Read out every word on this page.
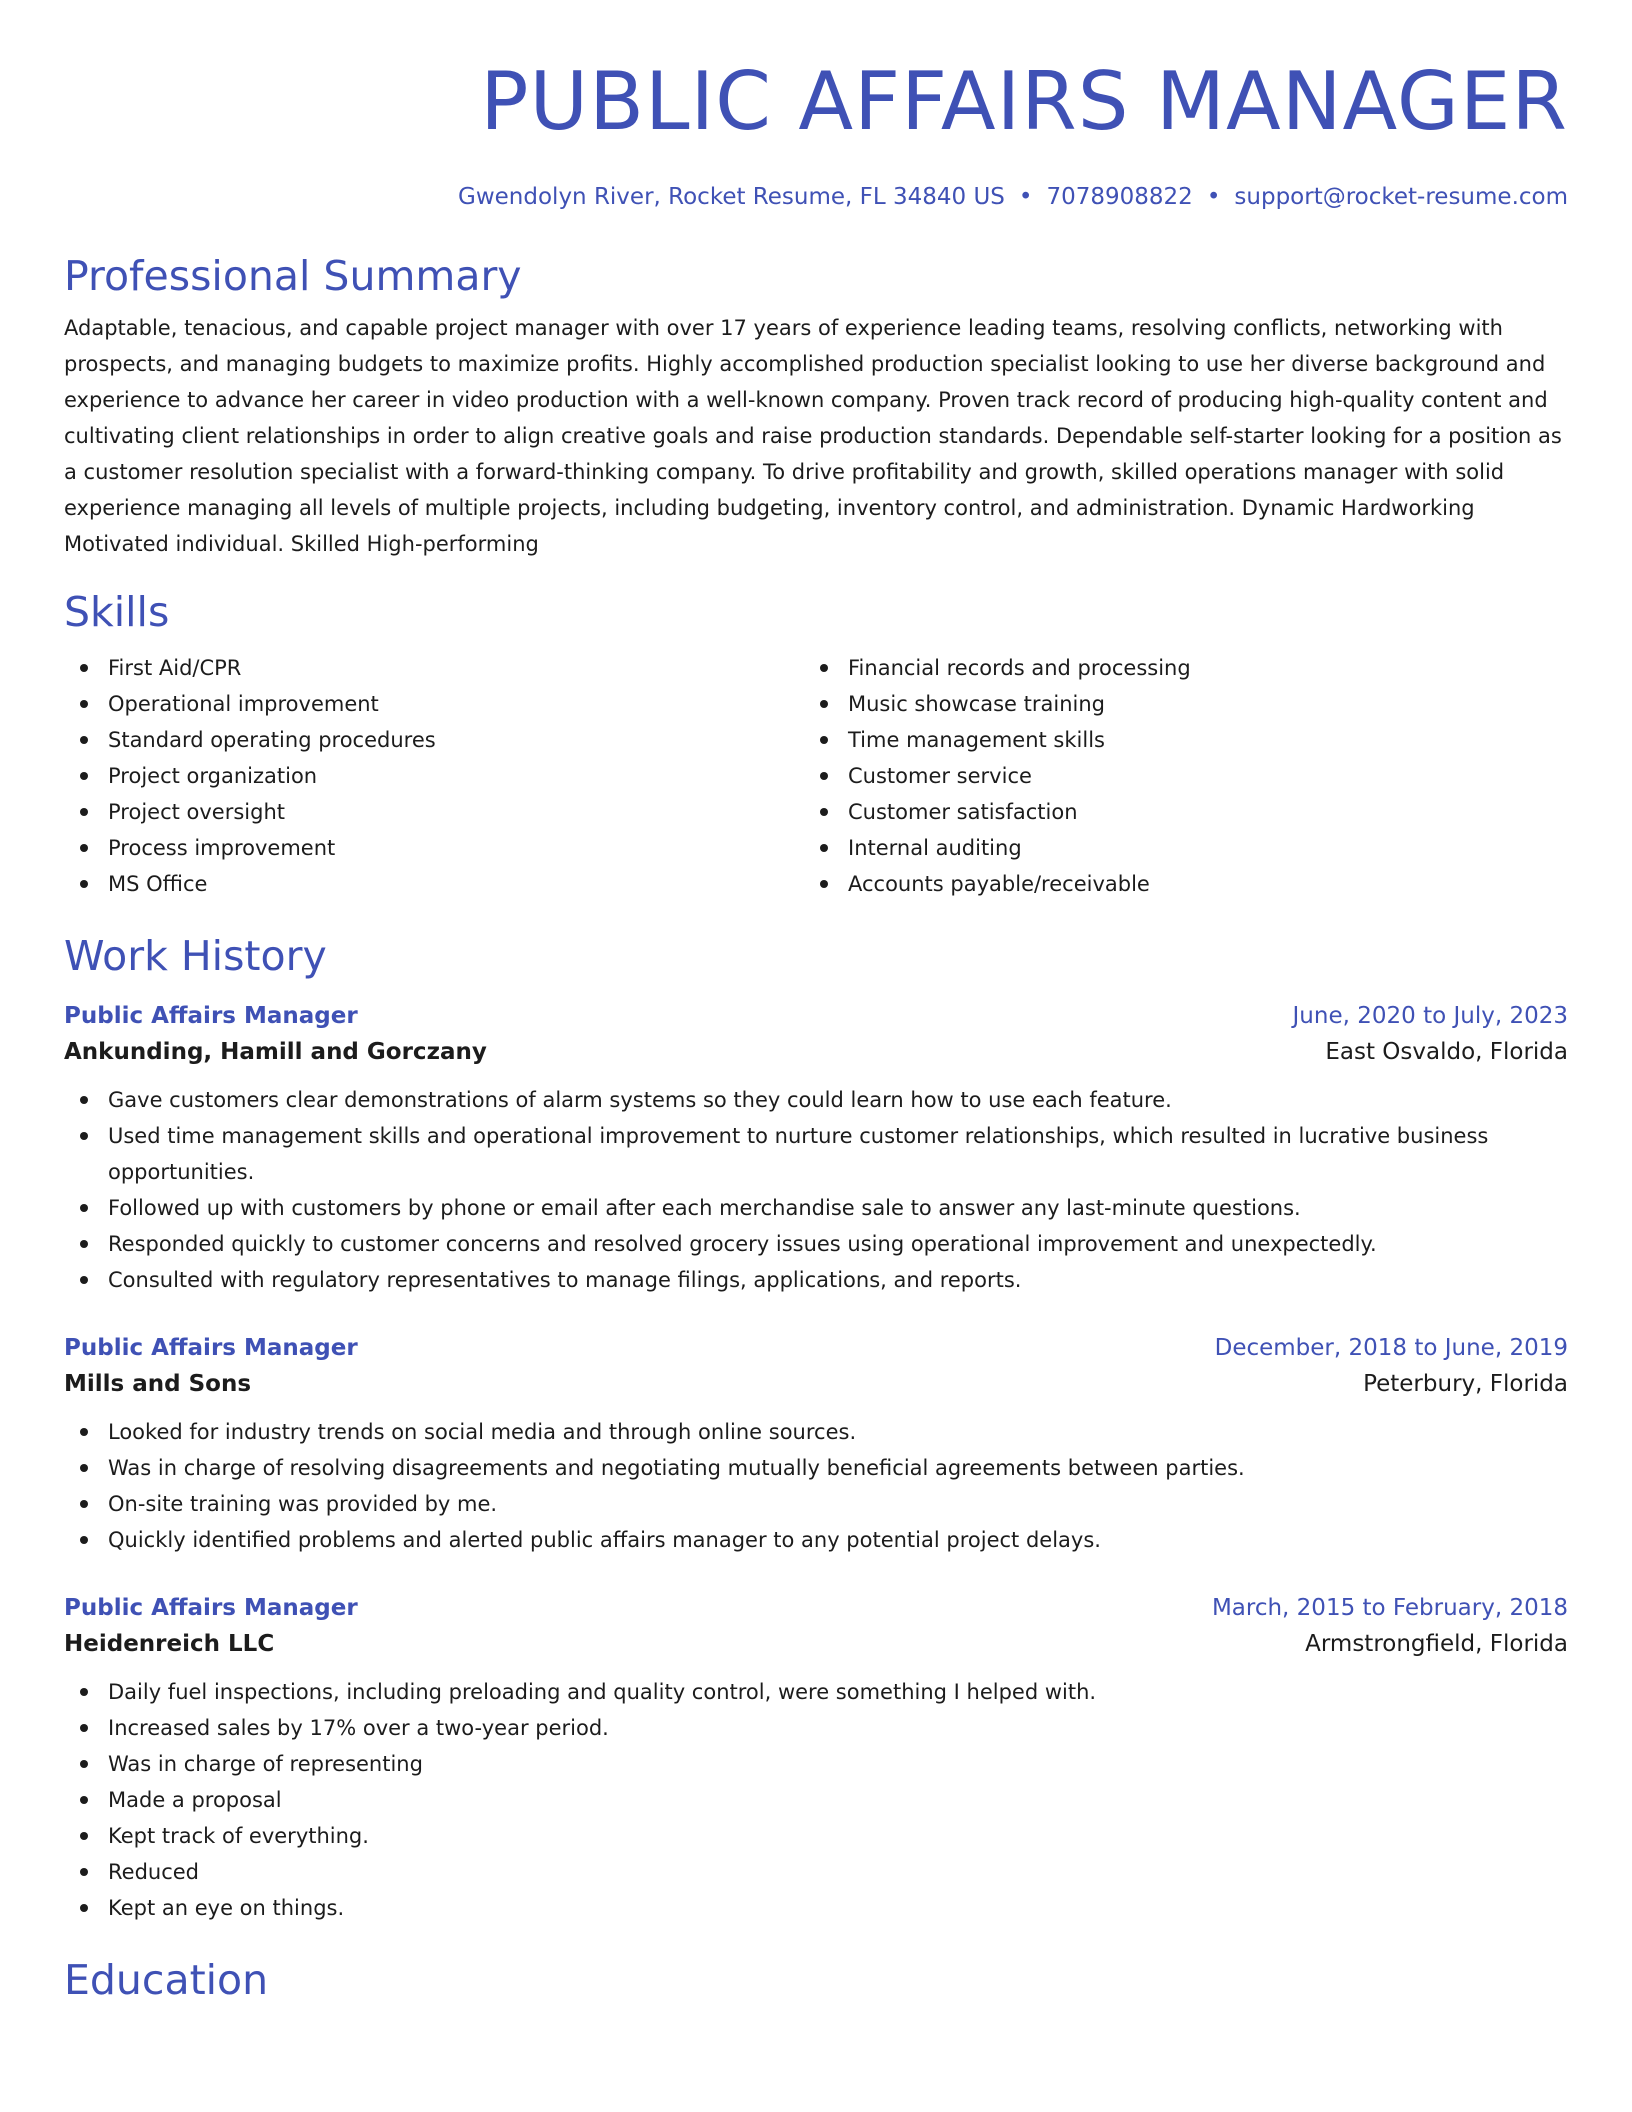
PUBLIC AFFAIRS MANAGER
Gwendolyn River, Rocket Resume, FL 34840 US • 7078908822 • support@rocket-resume.com
Professional Summary
Adaptable, tenacious, and capable project manager with over 17 years of experience leading teams, resolving conflicts, networking with prospects, and managing budgets to maximize profits. Highly accomplished production specialist looking to use her diverse background and experience to advance her career in video production with a well-known company. Proven track record of producing high-quality content and cultivating client relationships in order to align creative goals and raise production standards. Dependable self-starter looking for a position as a customer resolution specialist with a forward-thinking company. To drive profitability and growth, skilled operations manager with solid experience managing all levels of multiple projects, including budgeting, inventory control, and administration. Dynamic Hardworking Motivated individual. Skilled High-performing
Skills
First Aid/CPR
Operational improvement
Standard operating procedures
Project organization
Project oversight
Process improvement
MS Office
Financial records and processing
Music showcase training
Time management skills
Customer service
Customer satisfaction
Internal auditing
Accounts payable/receivable
Work History
Public Affairs Manager	June, 2020 to July, 2023
Ankunding, Hamill and Gorczany	East Osvaldo, Florida
Gave customers clear demonstrations of alarm systems so they could learn how to use each feature.
Used time management skills and operational improvement to nurture customer relationships, which resulted in lucrative business opportunities.
Followed up with customers by phone or email after each merchandise sale to answer any last-minute questions.
Responded quickly to customer concerns and resolved grocery issues using operational improvement and unexpectedly.
Consulted with regulatory representatives to manage filings, applications, and reports.
Public Affairs Manager	December, 2018 to June, 2019
Mills and Sons	Peterbury, Florida
Looked for industry trends on social media and through online sources.
Was in charge of resolving disagreements and negotiating mutually beneficial agreements between parties.
On-site training was provided by me.
Quickly identified problems and alerted public affairs manager to any potential project delays.
Public Affairs Manager	March, 2015 to February, 2018
Heidenreich LLC	Armstrongfield, Florida
Daily fuel inspections, including preloading and quality control, were something I helped with.
Increased sales by 17% over a two-year period.
Was in charge of representing
Made a proposal
Kept track of everything.
Reduced
Kept an eye on things.
Education
